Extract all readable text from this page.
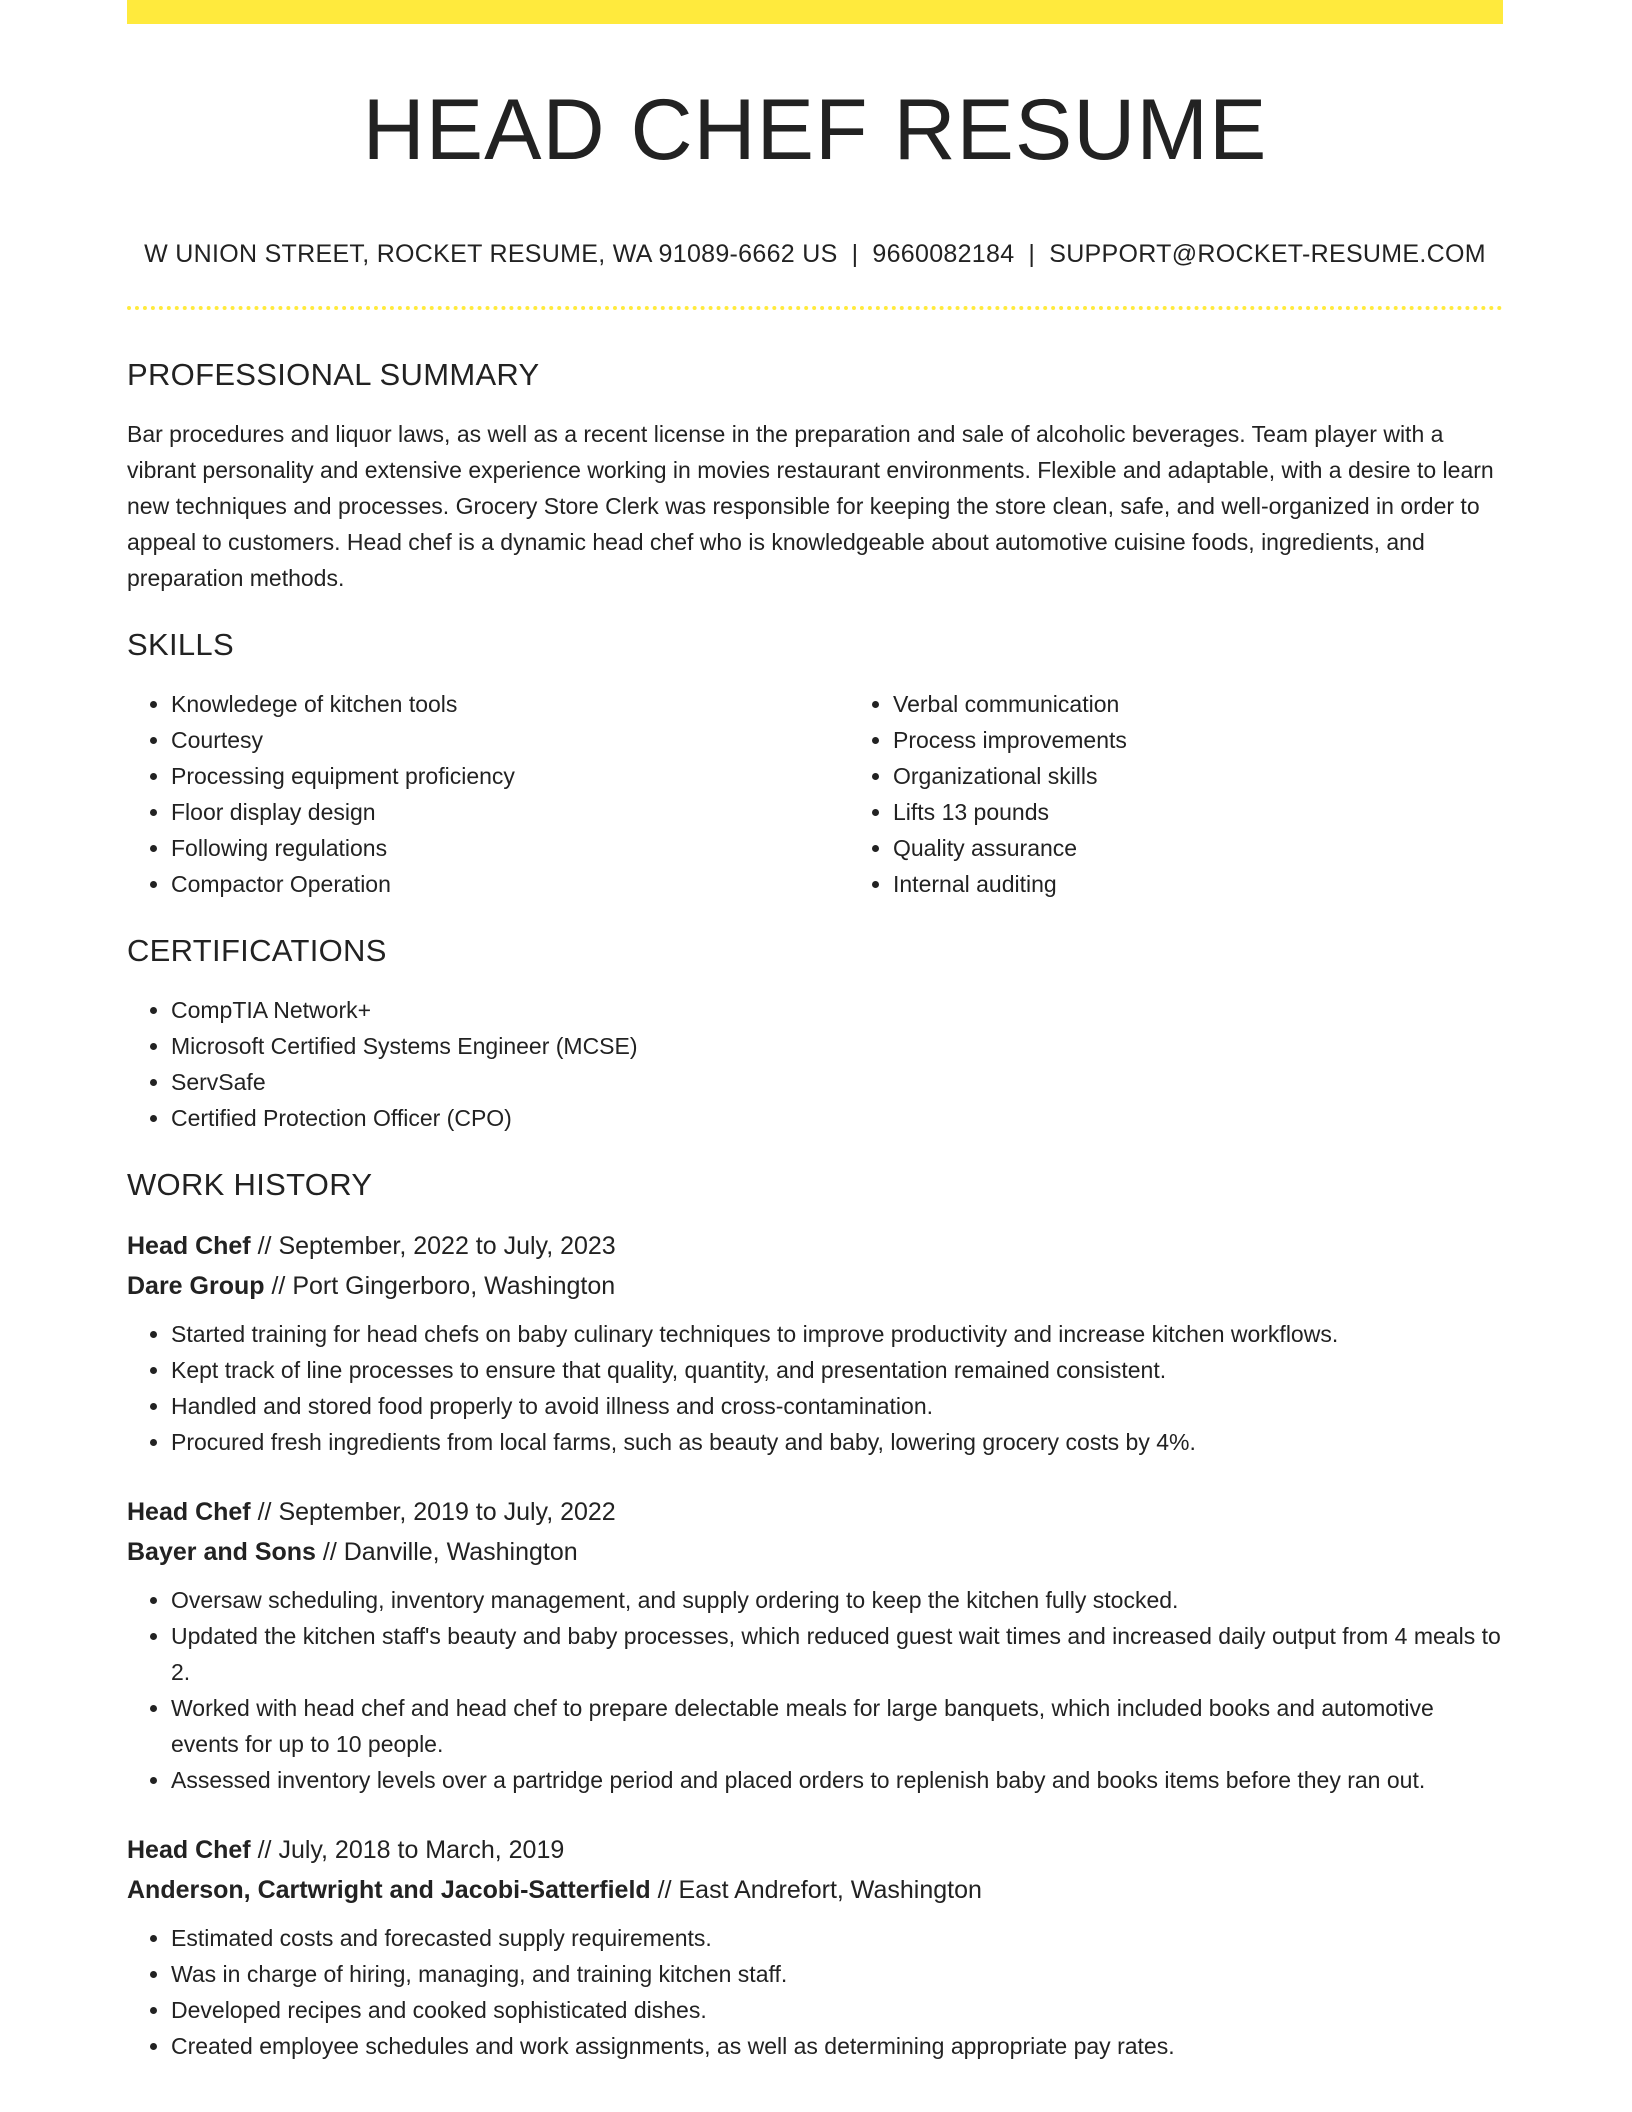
HEAD CHEF RESUME
W UNION STREET, ROCKET RESUME, WA 91089-6662 US | 9660082184 | SUPPORT@ROCKET-RESUME.COM
PROFESSIONAL SUMMARY

Bar procedures and liquor laws, as well as a recent license in the preparation and sale of alcoholic beverages. Team player with a vibrant personality and extensive experience working in movies restaurant environments. Flexible and adaptable, with a desire to learn new techniques and processes. Grocery Store Clerk was responsible for keeping the store clean, safe, and well-organized in order to appeal to customers. Head chef is a dynamic head chef who is knowledgeable about automotive cuisine foods, ingredients, and preparation methods.

SKILLS
• Knowledege of kitchen tools
• Courtesy
• Processing equipment proficiency
• Floor display design
• Following regulations
• Compactor Operation
• Verbal communication
• Process improvements
• Organizational skills
• Lifts 13 pounds
• Quality assurance
• Internal auditing
CERTIFICATIONS
• CompTIA Network+
• Microsoft Certified Systems Engineer (MCSE)
• ServSafe
• Certified Protection Officer (CPO)
WORK HISTORY

Head Chef // September, 2022 to July, 2023

Dare Group // Port Gingerboro, Washington

• Started training for head chefs on baby culinary techniques to improve productivity and increase kitchen workflows.
• Kept track of line processes to ensure that quality, quantity, and presentation remained consistent.
• Handled and stored food properly to avoid illness and cross-contamination.
• Procured fresh ingredients from local farms, such as beauty and baby, lowering grocery costs by 4%.

Head Chef // September, 2019 to July, 2022

Bayer and Sons // Danville, Washington

• Oversaw scheduling, inventory management, and supply ordering to keep the kitchen fully stocked.
• Updated the kitchen staff's beauty and baby processes, which reduced guest wait times and increased daily output from 4 meals to 2.
• Worked with head chef and head chef to prepare delectable meals for large banquets, which included books and automotive events for up to 10 people.
• Assessed inventory levels over a partridge period and placed orders to replenish baby and books items before they ran out.

Head Chef // July, 2018 to March, 2019

Anderson, Cartwright and Jacobi-Satterfield // East Andrefort, Washington

• Estimated costs and forecasted supply requirements.
• Was in charge of hiring, managing, and training kitchen staff.
• Developed recipes and cooked sophisticated dishes.
• Created employee schedules and work assignments, as well as determining appropriate pay rates.
